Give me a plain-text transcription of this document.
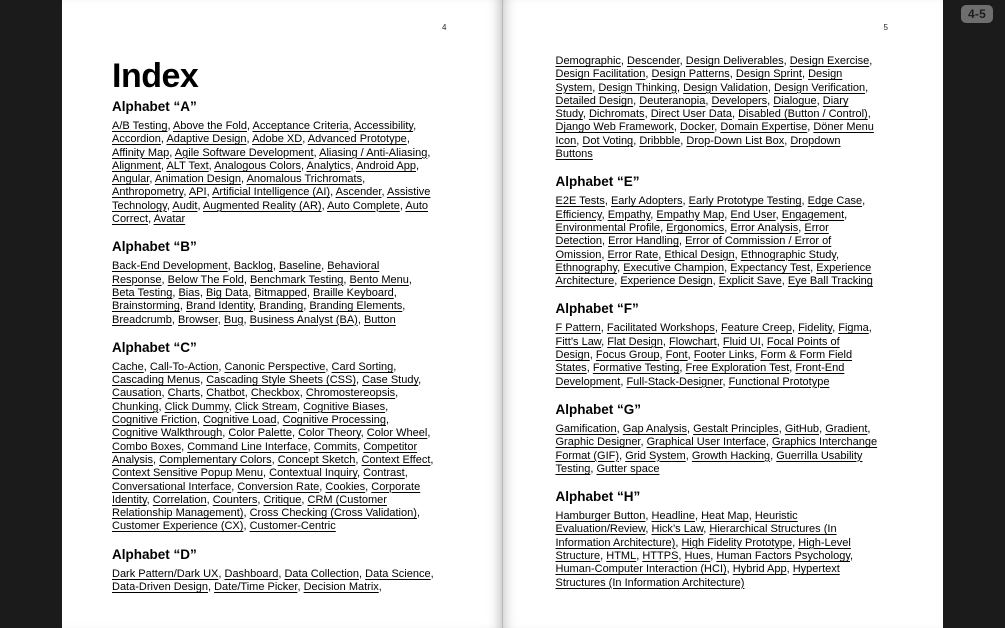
4-5
4
Index
Alphabet “A”

A/B Testing, Above the Fold, Acceptance Criteria, Accessibility, Accordion, Adaptive Design, Adobe XD, Advanced Prototype, Affinity Map, Agile Software Development, Aliasing / Anti-Aliasing, Alignment, ALT Text, Analogous Colors, Analytics, Android App, Angular, Animation Design, Anomalous Trichromats, Anthropometry, API, Artificial Intelligence (AI), Ascender, Assistive Technology, Audit, Augmented Reality (AR), Auto Complete, Auto Correct, Avatar

Alphabet “B”

Back-End Development, Backlog, Baseline, Behavioral Response, Below The Fold, Benchmark Testing, Bento Menu, Beta Testing, Bias, Big Data, Bitmapped, Braille Keyboard, Brainstorming, Brand Identity, Branding, Branding Elements, Breadcrumb, Browser, Bug, Business Analyst (BA), Button

Alphabet “C”

Cache, Call-To-Action, Canonic Perspective, Card Sorting, Cascading Menus, Cascading Style Sheets (CSS), Case Study, Causation, Charts, Chatbot, Checkbox, Chromostereopsis, Chunking, Click Dummy, Click Stream, Cognitive Biases, Cognitive Friction, Cognitive Load, Cognitive Processing, Cognitive Walkthrough, Color Palette, Color Theory, Color Wheel, Combo Boxes, Command Line Interface, Commits, Competitor Analysis, Complementary Colors, Concept Sketch, Context Effect, Context Sensitive Popup Menu, Contextual Inquiry, Contrast, Conversational Interface, Conversion Rate, Cookies, Corporate Identity, Correlation, Counters, Critique, CRM (Customer Relationship Management), Cross Checking (Cross Validation), Customer Experience (CX), Customer-Centric

Alphabet “D”

Dark Pattern/Dark UX, Dashboard, Data Collection, Data Science, Data-Driven Design, Date/Time Picker, Decision Matrix,

5

Demographic, Descender, Design Deliverables, Design Exercise, Design Facilitation, Design Patterns, Design Sprint, Design System, Design Thinking, Design Validation, Design Verification, Detailed Design, Deuteranopia, Developers, Dialogue, Diary Study, Dichromats, Direct User Data, Disabled (Button / Control), Django Web Framework, Docker, Domain Expertise, Döner Menu Icon, Dot Voting, Dribbble, Drop-Down List Box, Dropdown Buttons

Alphabet “E”

E2E Tests, Early Adopters, Early Prototype Testing, Edge Case, Efficiency, Empathy, Empathy Map, End User, Engagement, Environmental Profile, Ergonomics, Error Analysis, Error Detection, Error Handling, Error of Commission / Error of Omission, Error Rate, Ethical Design, Ethnographic Study, Ethnography, Executive Champion, Expectancy Test, Experience Architecture, Experience Design, Explicit Save, Eye Ball Tracking

Alphabet “F”

F Pattern, Facilitated Workshops, Feature Creep, Fidelity, Figma, Fitt’s Law, Flat Design, Flowchart, Fluid UI, Focal Points of Design, Focus Group, Font, Footer Links, Form & Form Field States, Formative Testing, Free Exploration Test, Front-End Development, Full-Stack-Designer, Functional Prototype

Alphabet “G”

Gamification, Gap Analysis, Gestalt Principles, GitHub, Gradient, Graphic Designer, Graphical User Interface, Graphics Interchange Format (GIF), Grid System, Growth Hacking, Guerrilla Usability Testing, Gutter space

Alphabet “H”

Hamburger Button, Headline, Heat Map, Heuristic Evaluation/Review, Hick’s Law, Hierarchical Structures (In Information Architecture), High Fidelity Prototype, High-Level Structure, HTML, HTTPS, Hues, Human Factors Psychology, Human-Computer Interaction (HCI), Hybrid App, Hypertext Structures (In Information Architecture)
